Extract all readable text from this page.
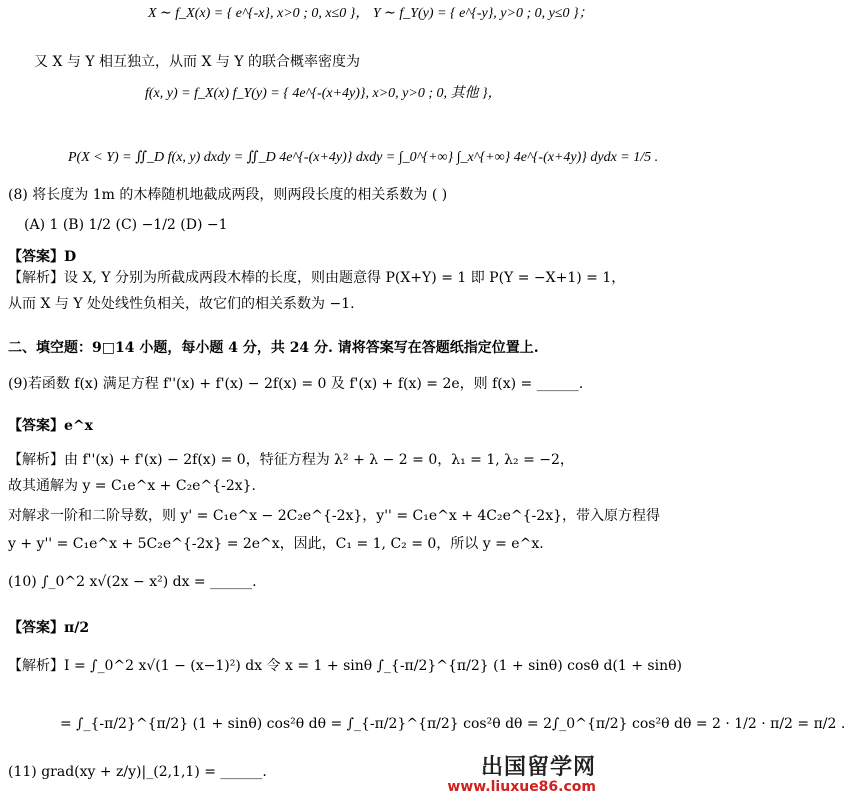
X ∼ f_X(x) = { e^{-x}, x>0 ; 0, x≤0 }， Y ∼ f_Y(y) = { e^{-y}, y>0 ; 0, y≤0 }；
又 X 与 Y 相互独立，从而 X 与 Y 的联合概率密度为
f(x, y) = f_X(x) f_Y(y) = { 4e^{-(x+4y)}, x>0, y>0 ; 0, 其他 }，
P(X < Y) = ∬_D f(x, y) dxdy = ∬_D 4e^{-(x+4y)} dxdy = ∫_0^{+∞} ∫_x^{+∞} 4e^{-(x+4y)} dydx = 1/5 .
(8) 将长度为 1m 的木棒随机地截成两段，则两段长度的相关系数为 ( )
(A) 1 (B) 1/2 (C) −1/2 (D) −1
【答案】D
【解析】设 X, Y 分别为所截成两段木棒的长度，则由题意得 P(X+Y) = 1 即 P(Y = −X+1) = 1，
从而 X 与 Y 处处线性负相关，故它们的相关系数为 −1.
二、填空题：9□14 小题，每小题 4 分，共 24 分. 请将答案写在答题纸指定位置上.
(9)若函数 f(x) 满足方程 f''(x) + f'(x) − 2f(x) = 0 及 f'(x) + f(x) = 2e，则 f(x) = ______.
【答案】e^x
【解析】由 f''(x) + f'(x) − 2f(x) = 0，特征方程为 λ² + λ − 2 = 0，λ₁ = 1, λ₂ = −2，
故其通解为 y = C₁e^x + C₂e^{-2x}.
对解求一阶和二阶导数，则 y' = C₁e^x − 2C₂e^{-2x}，y'' = C₁e^x + 4C₂e^{-2x}，带入原方程得
y + y'' = C₁e^x + 5C₂e^{-2x} = 2e^x，因此，C₁ = 1, C₂ = 0，所以 y = e^x.
(10) ∫_0^2 x√(2x − x²) dx = ______.
【答案】π/2
【解析】I = ∫_0^2 x√(1 − (x−1)²) dx 令 x = 1 + sinθ ∫_{-π/2}^{π/2} (1 + sinθ) cosθ d(1 + sinθ)
= ∫_{-π/2}^{π/2} (1 + sinθ) cos²θ dθ = ∫_{-π/2}^{π/2} cos²θ dθ = 2∫_0^{π/2} cos²θ dθ = 2 · 1/2 · π/2 = π/2 .
(11) grad(xy + z/y)|_(2,1,1) = ______.	出国留学网
www.liuxue86.com
